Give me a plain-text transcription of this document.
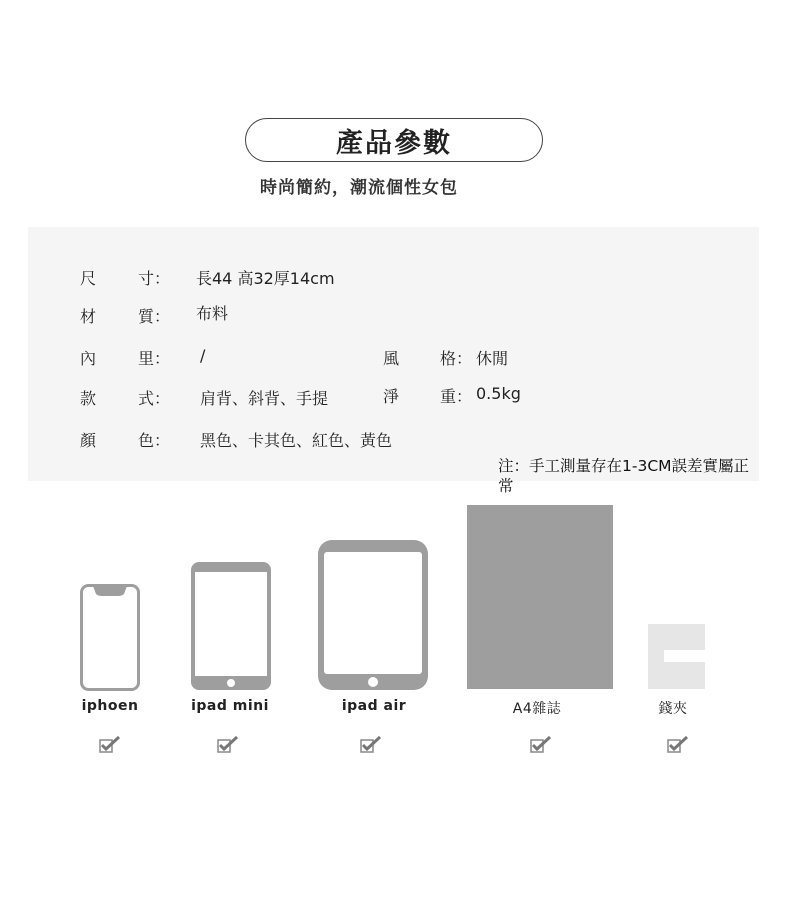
產品參數
時尚簡約，潮流個性女包
尺	寸： 長44 高32厚14cm
材	質： 布料
內	里： /	風	格： 休閒
款	式： 肩背、斜背、手提	淨	重： 0.5kg
顏	色： 黑色、卡其色、紅色、黃色
注：手工測量存在1-3CM誤差實屬正常
iphoen	ipad mini	ipad air	A4雜誌	錢夾
